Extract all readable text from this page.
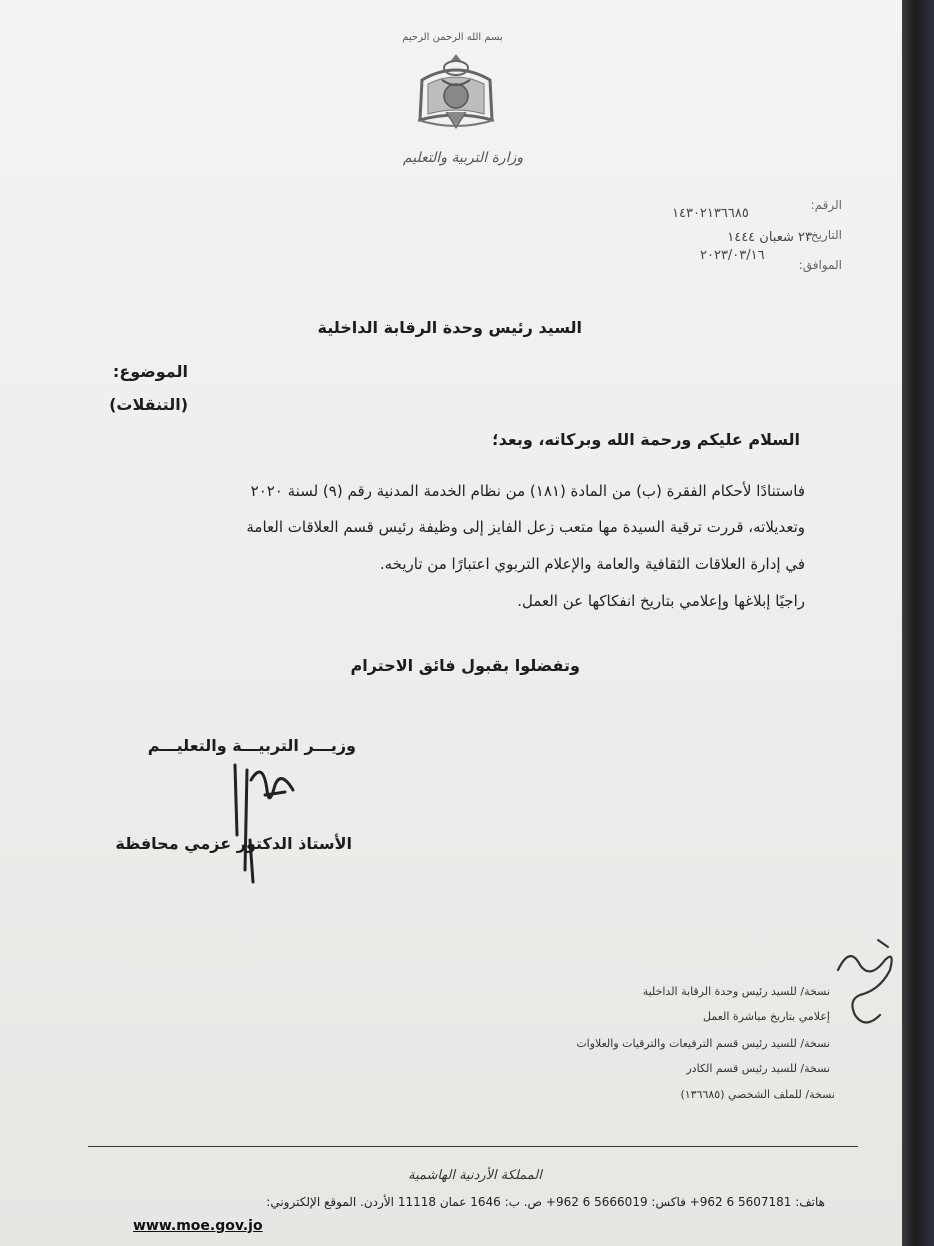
بسم الله الرحمن الرحيم
وزارة التربية والتعليم
الرقم:
١٤٣٠٢١٣٦٦٨٥
التاريخ:
٢٣ شعبان ١٤٤٤
الموافق:
٢٠٢٣/٠٣/١٦
السيد رئيس وحدة الرقابة الداخلية
الموضوع:
(التنقلات)
السلام عليكم ورحمة الله وبركاته، وبعد؛
فاستنادًا لأحكام الفقرة (ب) من المادة (١٨١) من نظام الخدمة المدنية رقم (٩) لسنة ٢٠٢٠
وتعديلاته، قررت ترقية السيدة مها متعب زعل الفايز إلى وظيفة رئيس قسم العلاقات العامة
في إدارة العلاقات الثقافية والعامة والإعلام التربوي اعتبارًا من تاريخه.
راجيًا إبلاغها وإعلامي بتاريخ انفكاكها عن العمل.
وتفضلوا بقبول فائق الاحترام
وزيـــر التربيـــة والتعليـــم
الأستاذ الدكتور عزمي محافظة
نسخة/ للسيد رئيس وحدة الرقابة الداخلية
إعلامي بتاريخ مباشرة العمل
نسخة/ للسيد رئيس قسم الترفيعات والترقيات والعلاوات
نسخة/ للسيد رئيس قسم الكادر
نسخة/ للملف الشخصي (١٣٦٦٨٥)
المملكة الأردنية الهاشمية
هاتف: 5607181 6 962+ فاكس: 5666019 6 962+ ص. ب: 1646 عمان 11118 الأردن. الموقع الإلكتروني:
www.moe.gov.jo
